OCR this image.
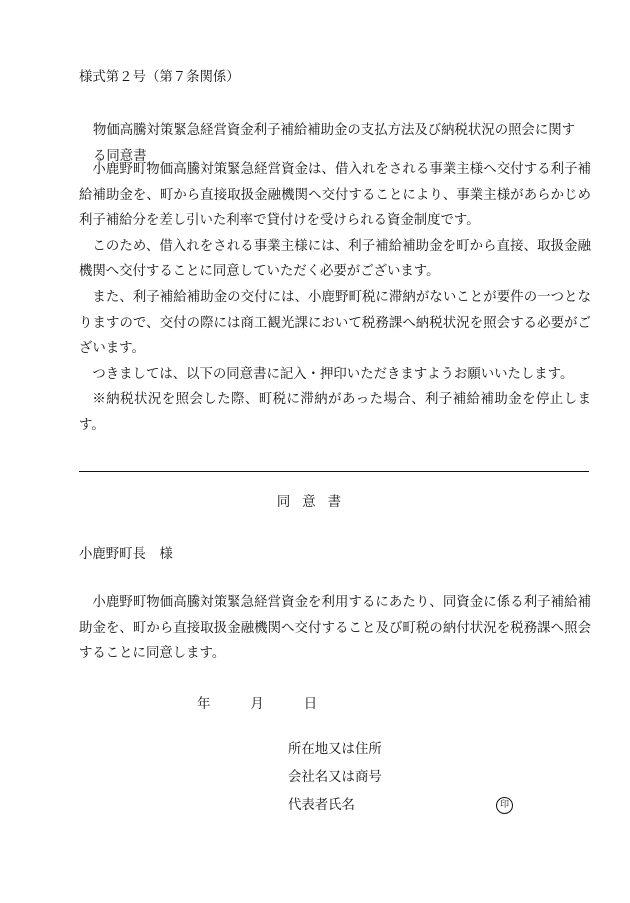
様式第２号（第７条関係）
物価高騰対策緊急経営資金利子補給補助金の支払方法及び納税状況の照会に関す
る同意書

小鹿野町物価高騰対策緊急経営資金は、借入れをされる事業主様へ交付する利子補給補助金を、町から直接取扱金融機関へ交付することにより、事業主様があらかじめ利子補給分を差し引いた利率で貸付けを受けられる資金制度です。

このため、借入れをされる事業主様には、利子補給補助金を町から直接、取扱金融機関へ交付することに同意していただく必要がございます。

また、利子補給補助金の交付には、小鹿野町税に滞納がないことが要件の一つとなりますので、交付の際には商工観光課において税務課へ納税状況を照会する必要がございます。

つきましては、以下の同意書に記入・押印いただきますようお願いいたします。

※納税状況を照会した際、町税に滞納があった場合、利子補給補助金を停止します。

同意書
小鹿野町長　様

小鹿野町物価高騰対策緊急経営資金を利用するにあたり、同資金に係る利子補給補助金を、町から直接取扱金融機関へ交付すること及び町税の納付状況を税務課へ照会することに同意します。

年	月	日
所在地又は住所
会社名又は商号
代表者氏名	印
